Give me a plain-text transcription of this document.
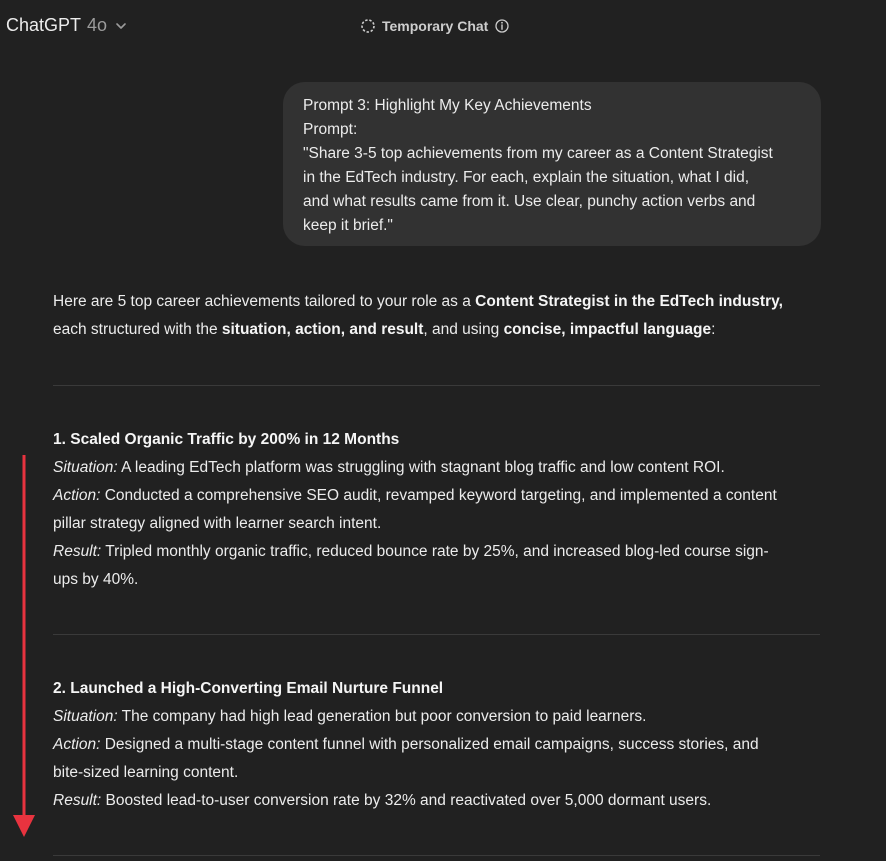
ChatGPT 4o	Temporary Chat
Prompt 3: Highlight My Key Achievements
Prompt:
"Share 3-5 top achievements from my career as a Content Strategist
in the EdTech industry. For each, explain the situation, what I did,
and what results came from it. Use clear, punchy action verbs and
keep it brief."
Here are 5 top career achievements tailored to your role as a Content Strategist in the EdTech industry,
each structured with the situation, action, and result, and using concise, impactful language:
1. Scaled Organic Traffic by 200% in 12 Months
Situation: A leading EdTech platform was struggling with stagnant blog traffic and low content ROI.
Action: Conducted a comprehensive SEO audit, revamped keyword targeting, and implemented a content
pillar strategy aligned with learner search intent.
Result: Tripled monthly organic traffic, reduced bounce rate by 25%, and increased blog-led course sign-
ups by 40%.
2. Launched a High-Converting Email Nurture Funnel
Situation: The company had high lead generation but poor conversion to paid learners.
Action: Designed a multi-stage content funnel with personalized email campaigns, success stories, and
bite-sized learning content.
Result: Boosted lead-to-user conversion rate by 32% and reactivated over 5,000 dormant users.
